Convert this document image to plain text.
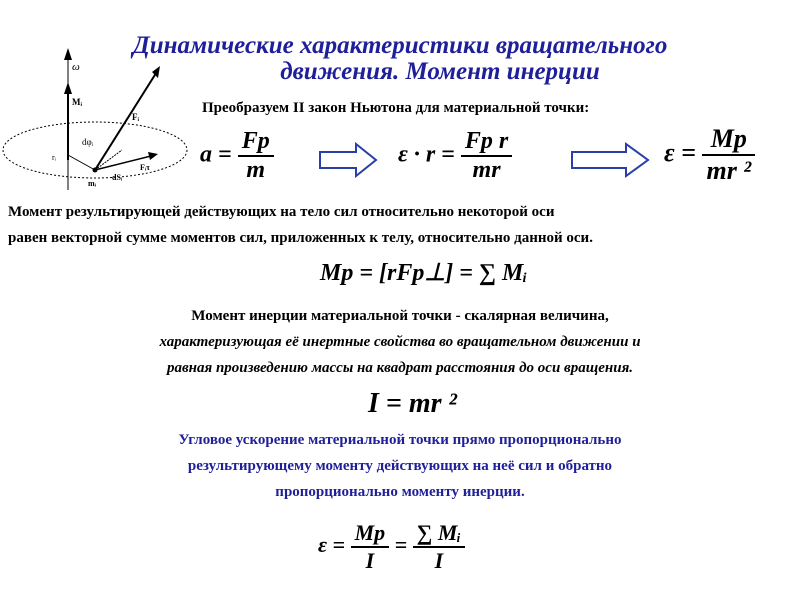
Динамические характеристики вращательного
движения. Момент инерции
ω
Mᵢ
Fᵢ
rᵢ
dφᵢ
dSᵢ
mᵢ
Fᵢτ
Преобразуем II закон Ньютона для материальной точки:
$a = \frac{Fр}{m}$	$\varepsilon \cdot r = \frac{\text{Fр r}}{mr}$	$\varepsilon = \frac{Mр}{\text{mr ²}}$
Момент результирующей действующих на тело сил относительно некоторой оси
равен векторной сумме моментов сил, приложенных к телу, относительно данной оси.
Mр = [rFр⊥] = ∑ Mᵢ
Момент инерции материальной точки - скалярная величина,
характеризующая её инертные свойства во вращательном движении и
равная произведению массы на квадрат расстояния до оси вращения.
I = mr ²
Угловое ускорение материальной точки прямо пропорционально
результирующему моменту действующих на неё сил и обратно
пропорционально моменту инерции.
$\varepsilon = \frac{Mр}{I} = \frac{\text{∑ Mᵢ}}{I}$
